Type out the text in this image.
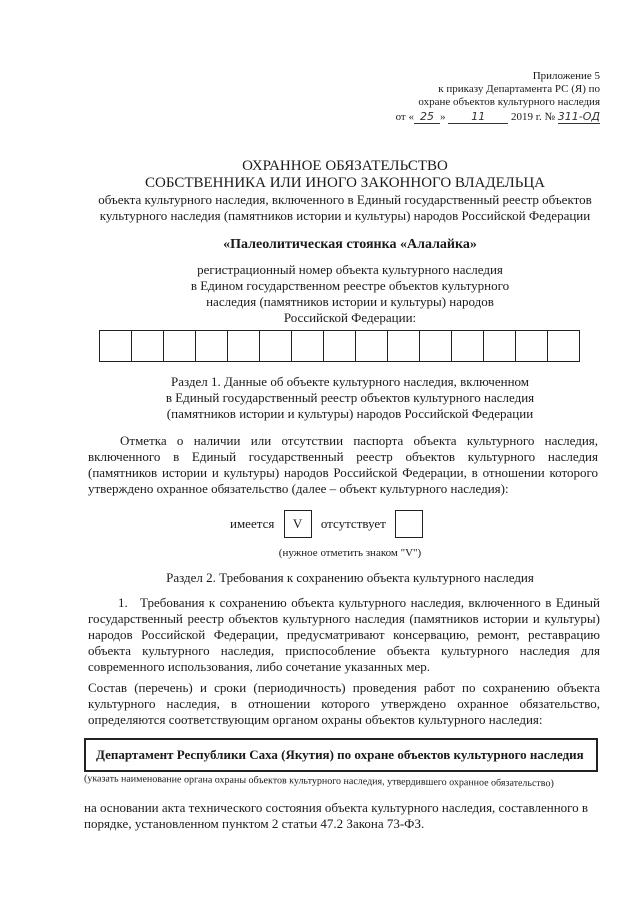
Приложение 5
к приказу Департамента РС (Я) по
охране объектов культурного наследия
от « 25 » 11 2019 г. № 311-ОД
ОХРАННОЕ ОБЯЗАТЕЛЬСТВО
СОБСТВЕННИКА ИЛИ ИНОГО ЗАКОННОГО ВЛАДЕЛЬЦА
объекта культурного наследия, включенного в Единый государственный реестр объектов
культурного наследия (памятников истории и культуры) народов Российской Федерации
«Палеолитическая стоянка «Алалайка»
регистрационный номер объекта культурного наследия
в Едином государственном реестре объектов культурного
наследия (памятников истории и культуры) народов
Российской Федерации:
Раздел 1. Данные об объекте культурного наследия, включенном
в Единый государственный реестр объектов культурного наследия
(памятников истории и культуры) народов Российской Федерации
Отметка о наличии или отсутствии паспорта объекта культурного наследия, включенного в Единый государственный реестр объектов культурного наследия (памятников истории и культуры) народов Российской Федерации, в отношении которого утверждено охранное обязательство (далее – объект культурного наследия):
имеется V отсутствует
(нужное отметить знаком "V")
Раздел 2. Требования к сохранению объекта культурного наследия
1. Требования к сохранению объекта культурного наследия, включенного в Единый государственный реестр объектов культурного наследия (памятников истории и культуры) народов Российской Федерации, предусматривают консервацию, ремонт, реставрацию объекта культурного наследия, приспособление объекта культурного наследия для современного использования, либо сочетание указанных мер.
Состав (перечень) и сроки (периодичность) проведения работ по сохранению объекта культурного наследия, в отношении которого утверждено охранное обязательство, определяются соответствующим органом охраны объектов культурного наследия:
Департамент Республики Саха (Якутия) по охране объектов культурного наследия
(указать наименование органа охраны объектов культурного наследия, утвердившего охранное обязательство)
на основании акта технического состояния объекта культурного наследия, составленного в порядке, установленном пунктом 2 статьи 47.2 Закона 73-ФЗ.
